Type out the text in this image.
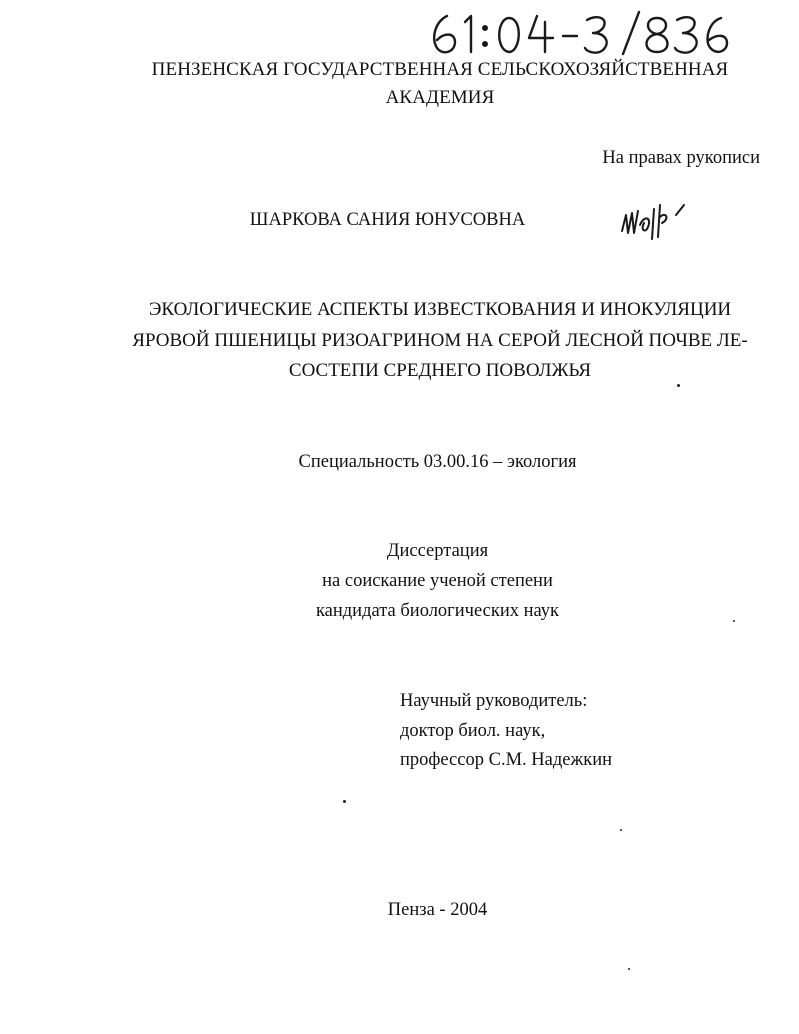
ПЕНЗЕНСКАЯ ГОСУДАРСТВЕННАЯ СЕЛЬСКОХОЗЯЙСТВЕННАЯ

АКАДЕМИЯ

На правах рукописи

ШАРКОВА САНИЯ ЮНУСОВНА

ЭКОЛОГИЧЕСКИЕ АСПЕКТЫ ИЗВЕСТКОВАНИЯ И ИНОКУЛЯЦИИ

ЯРОВОЙ ПШЕНИЦЫ РИЗОАГРИНОМ НА СЕРОЙ ЛЕСНОЙ ПОЧВЕ ЛЕ-

СОСТЕПИ СРЕДНЕГО ПОВОЛЖЬЯ

Специальность 03.00.16 – экология

Диссертация

на соискание ученой степени

кандидата биологических наук

Научный руководитель:

доктор биол. наук,

профессор С.М. Надежкин

Пенза - 2004
